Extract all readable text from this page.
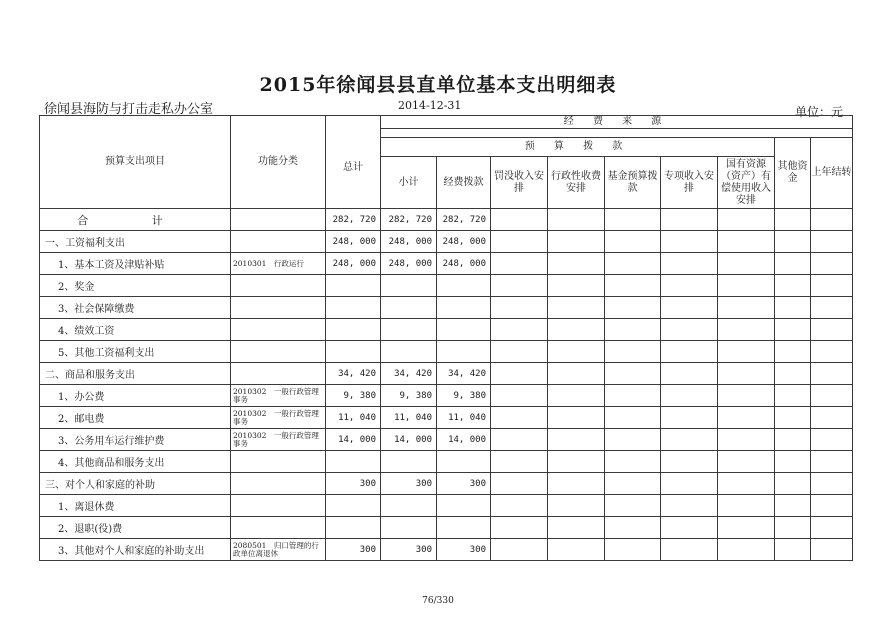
2015年徐闻县县直单位基本支出明细表
徐闻县海防与打击走私办公室	2014-12-31	单位：元
预算支出项目	功能分类		经 费 来 源								
		总计									
			预 算 拨 款							其他资金	上年结转
			小计	经费拨款	罚没收入安排	行政性收费安排	基金预算拨款	专项收入安排	国有资源（资产）有偿使用收入安排		
合 计		282, 720	282, 720	282, 720							
一、工资福利支出		248, 000	248, 000	248, 000							
1、基本工资及津贴补贴	2010301　行政运行	248, 000	248, 000	248, 000							
2、奖金											
3、社会保障缴费											
4、绩效工资											
5、其他工资福利支出											
二、商品和服务支出		34, 420	34, 420	34, 420							
1、办公费	2010302　一般行政管理事务	9, 380	9, 380	9, 380							
2、邮电费	2010302　一般行政管理事务	11, 040	11, 040	11, 040							
3、公务用车运行维护费	2010302　一般行政管理事务	14, 000	14, 000	14, 000							
4、其他商品和服务支出											
三、对个人和家庭的补助		300	300	300							
1、离退休费											
2、退职(役)费											
3、其他对个人和家庭的补助支出	2080501　归口管理的行政单位离退休	300	300	300							
76/330
